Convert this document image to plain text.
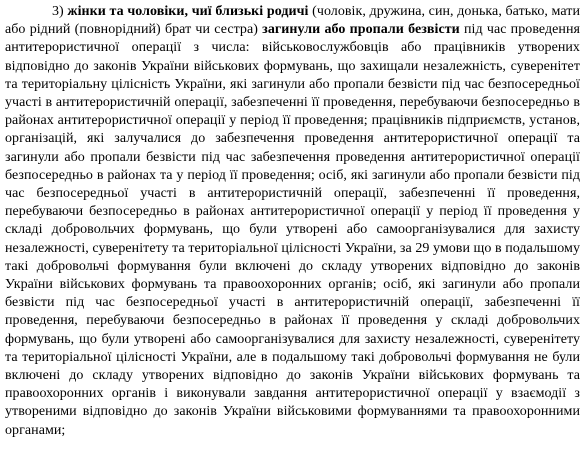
3) жінки та чоловіки, чиї близькі родичі (чоловік, дружина, син, донька, батько, мати або рідний (повнорідний) брат чи сестра) загинули або пропали безвісти під час проведення антитерористичної операції з числа: військовослужбовців або працівників утворених відповідно до законів України військових формувань, що захищали незалежність, суверенітет та територіальну цілісність України, які загинули або пропали безвісти під час безпосередньої участі в антитерористичній операції, забезпеченні її проведення, перебуваючи безпосередньо в районах антитерористичної операції у період її проведення; працівників підприємств, установ, організацій, які залучалися до забезпечення проведення антитерористичної операції та загинули або пропали безвісти під час забезпечення проведення антитерористичної операції безпосередньо в районах та у період її проведення; осіб, які загинули або пропали безвісти під час безпосередньої участі в антитерористичній операції, забезпеченні її проведення, перебуваючи безпосередньо в районах антитерористичної операції у період її проведення у складі добровольчих формувань, що були утворені або самоорганізувалися для захисту незалежності, суверенітету та територіальної цілісності України, за 29 умови що в подальшому такі добровольчі формування були включені до складу утворених відповідно до законів України військових формувань та правоохоронних органів; осіб, які загинули або пропали безвісти під час безпосередньої участі в антитерористичній операції, забезпеченні її проведення, перебуваючи безпосередньо в районах її проведення у складі добровольчих формувань, що були утворені або самоорганізувалися для захисту незалежності, суверенітету та територіальної цілісності України, але в подальшому такі добровольчі формування не були включені до складу утворених відповідно до законів України військових формувань та правоохоронних органів і виконували завдання антитерористичної операції у взаємодії з утвореними відповідно до законів України військовими формуваннями та правоохоронними органами;
